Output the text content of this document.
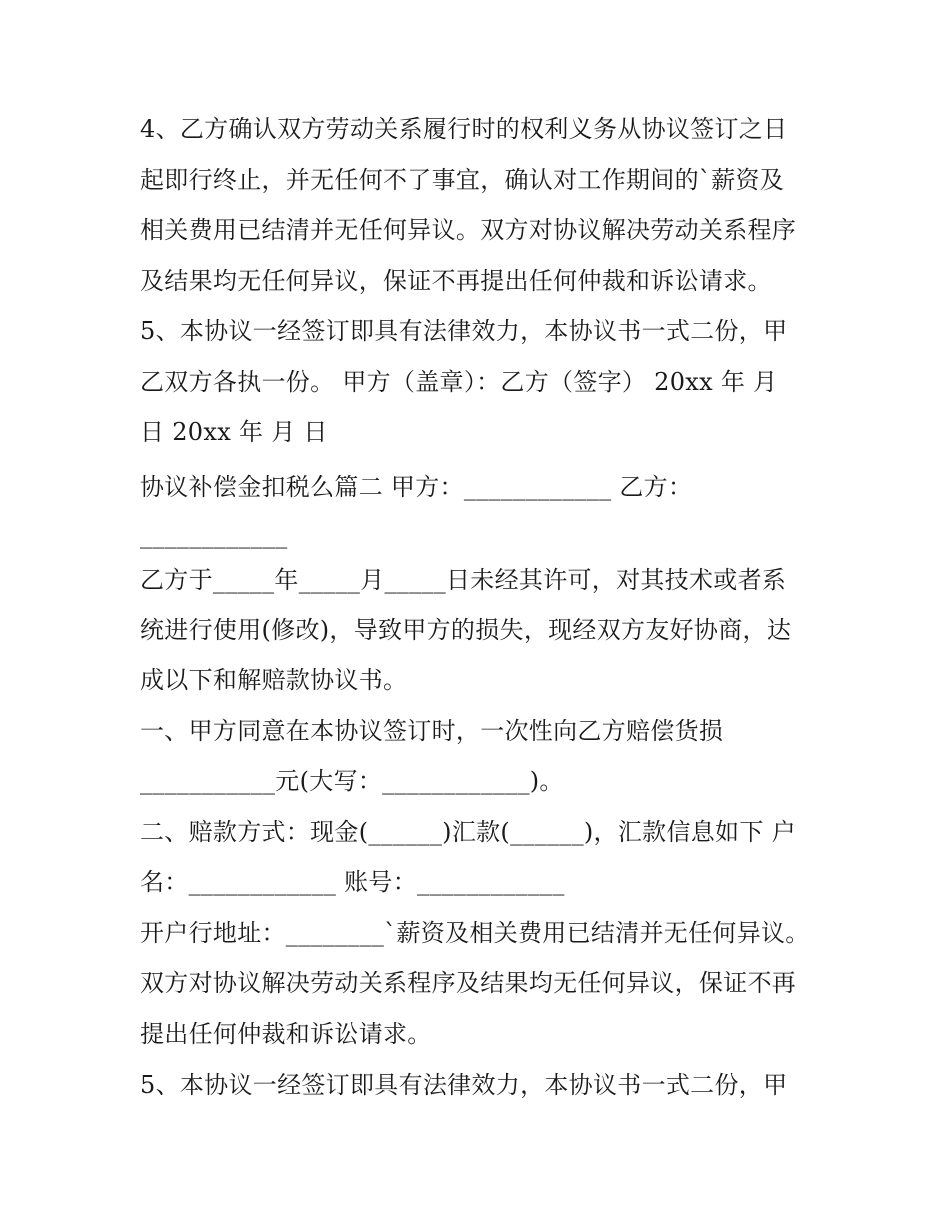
4、乙方确认双方劳动关系履行时的权利义务从协议签订之日
起即行终止，并无任何不了事宜，确认对工作期间的`薪资及
相关费用已结清并无任何异议。双方对协议解决劳动关系程序
及结果均无任何异议，保证不再提出任何仲裁和诉讼请求。
5、本协议一经签订即具有法律效力，本协议书一式二份，甲
乙双方各执一份。 甲方（盖章）：乙方（签字） 20xx 年 月
日 20xx 年 月 日
协议补偿金扣税么篇二 甲方：____________ 乙方：
____________
乙方于_____年_____月_____日未经其许可，对其技术或者系
统进行使用(修改)，导致甲方的损失，现经双方友好协商，达
成以下和解赔款协议书。
一、甲方同意在本协议签订时，一次性向乙方赔偿货损
___________元(大写：____________)。
二、赔款方式：现金(______)汇款(______)，汇款信息如下 户
名：____________ 账号：____________
开户行地址：________`薪资及相关费用已结清并无任何异议。
双方对协议解决劳动关系程序及结果均无任何异议，保证不再
提出任何仲裁和诉讼请求。
5、本协议一经签订即具有法律效力，本协议书一式二份，甲
